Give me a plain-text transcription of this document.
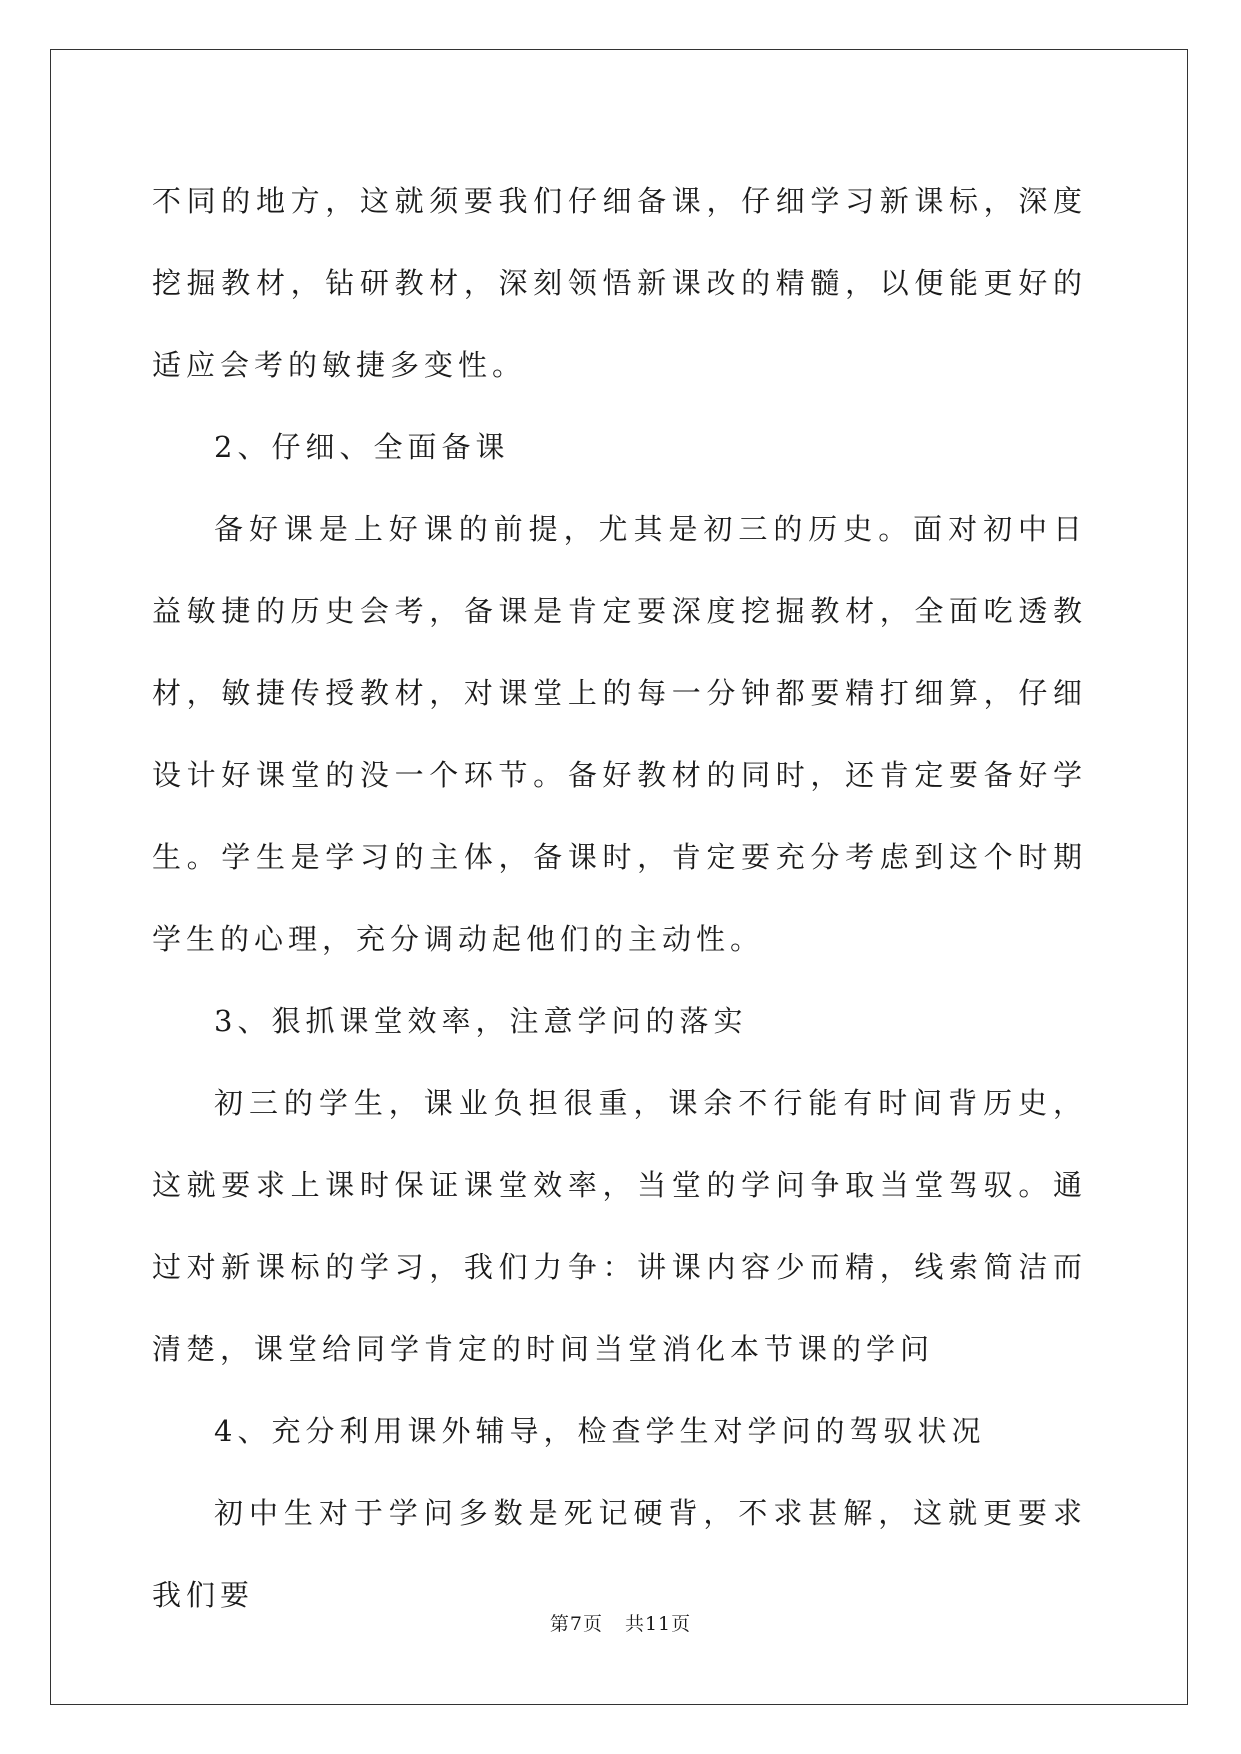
不同的地方，这就须要我们仔细备课，仔细学习新课标，深度挖掘教材，钻研教材，深刻领悟新课改的精髓，以便能更好的适应会考的敏捷多变性。

2、仔细、全面备课

备好课是上好课的前提，尤其是初三的历史。面对初中日益敏捷的历史会考，备课是肯定要深度挖掘教材，全面吃透教材，敏捷传授教材，对课堂上的每一分钟都要精打细算，仔细设计好课堂的没一个环节。备好教材的同时，还肯定要备好学生。学生是学习的主体，备课时，肯定要充分考虑到这个时期学生的心理，充分调动起他们的主动性。

3、狠抓课堂效率，注意学问的落实

初三的学生，课业负担很重，课余不行能有时间背历史，这就要求上课时保证课堂效率，当堂的学问争取当堂驾驭。通过对新课标的学习，我们力争：讲课内容少而精，线索简洁而清楚，课堂给同学肯定的时间当堂消化本节课的学问

4、充分利用课外辅导，检查学生对学问的驾驭状况

初中生对于学问多数是死记硬背，不求甚解，这就更要求我们要

第7页 共11页
